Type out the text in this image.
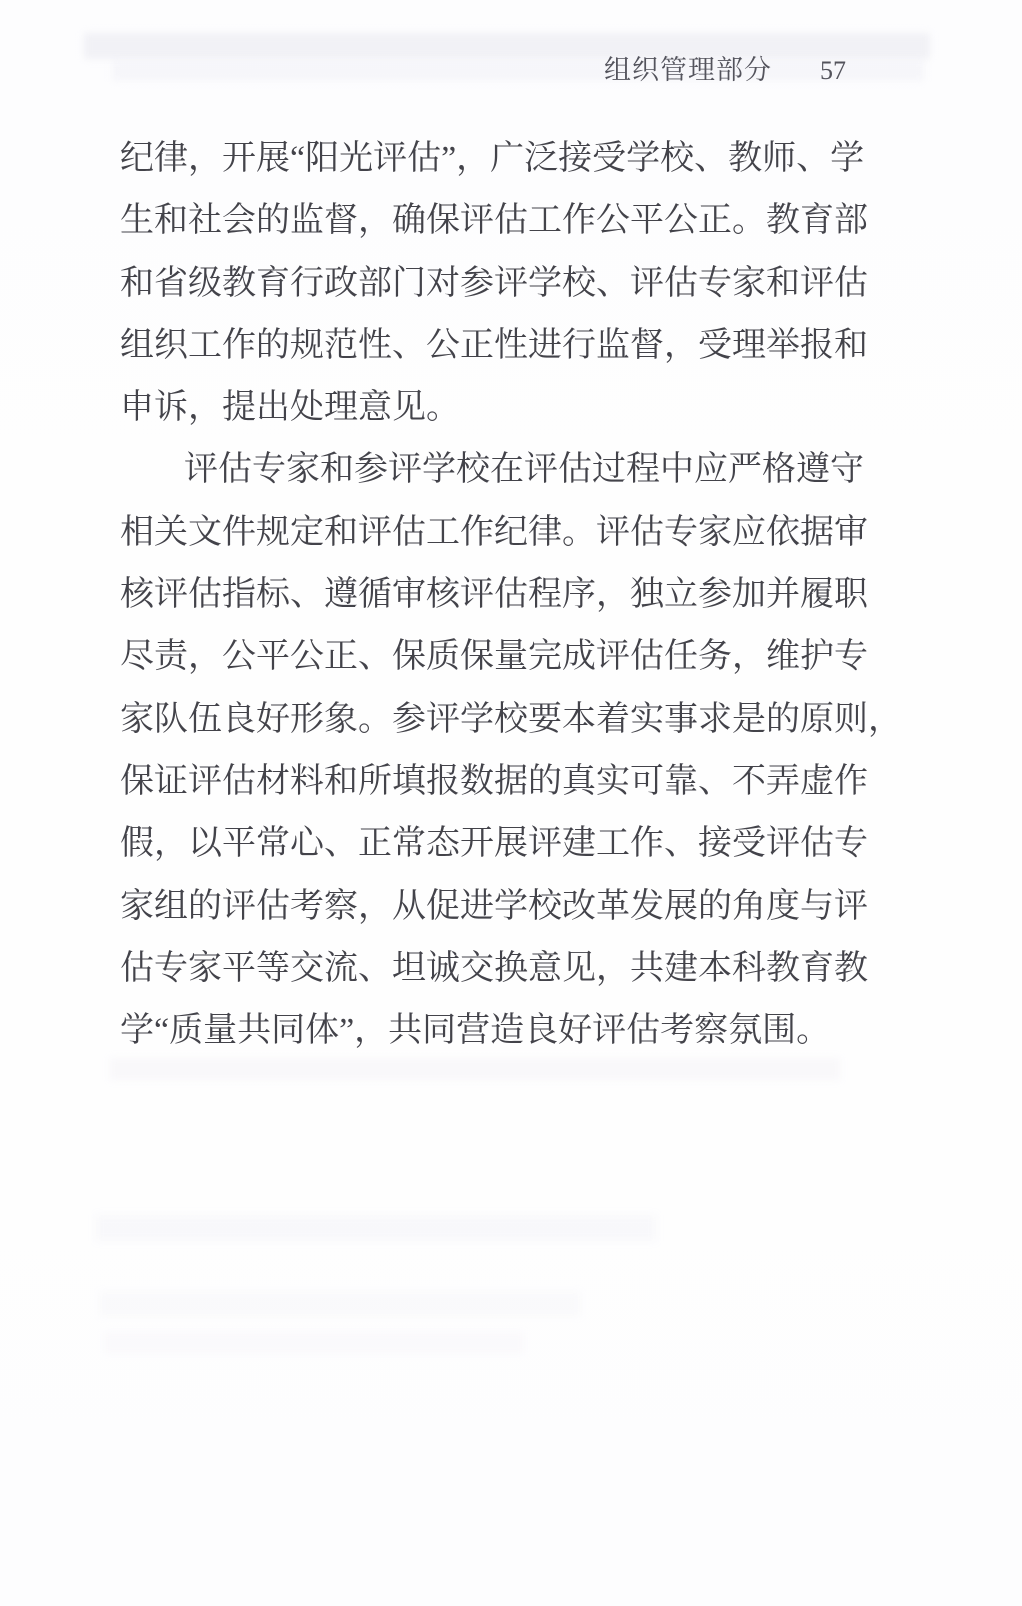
组织管理部分 57
纪律，开展“阳光评估”，广泛接受学校、教师、学
生和社会的监督，确保评估工作公平公正。教育部
和省级教育行政部门对参评学校、评估专家和评估
组织工作的规范性、公正性进行监督，受理举报和
申诉，提出处理意见。
评估专家和参评学校在评估过程中应严格遵守
相关文件规定和评估工作纪律。评估专家应依据审
核评估指标、遵循审核评估程序，独立参加并履职
尽责，公平公正、保质保量完成评估任务，维护专
家队伍良好形象。参评学校要本着实事求是的原则，
保证评估材料和所填报数据的真实可靠、不弄虚作
假，以平常心、正常态开展评建工作、接受评估专
家组的评估考察，从促进学校改革发展的角度与评
估专家平等交流、坦诚交换意见，共建本科教育教
学“质量共同体”，共同营造良好评估考察氛围。
